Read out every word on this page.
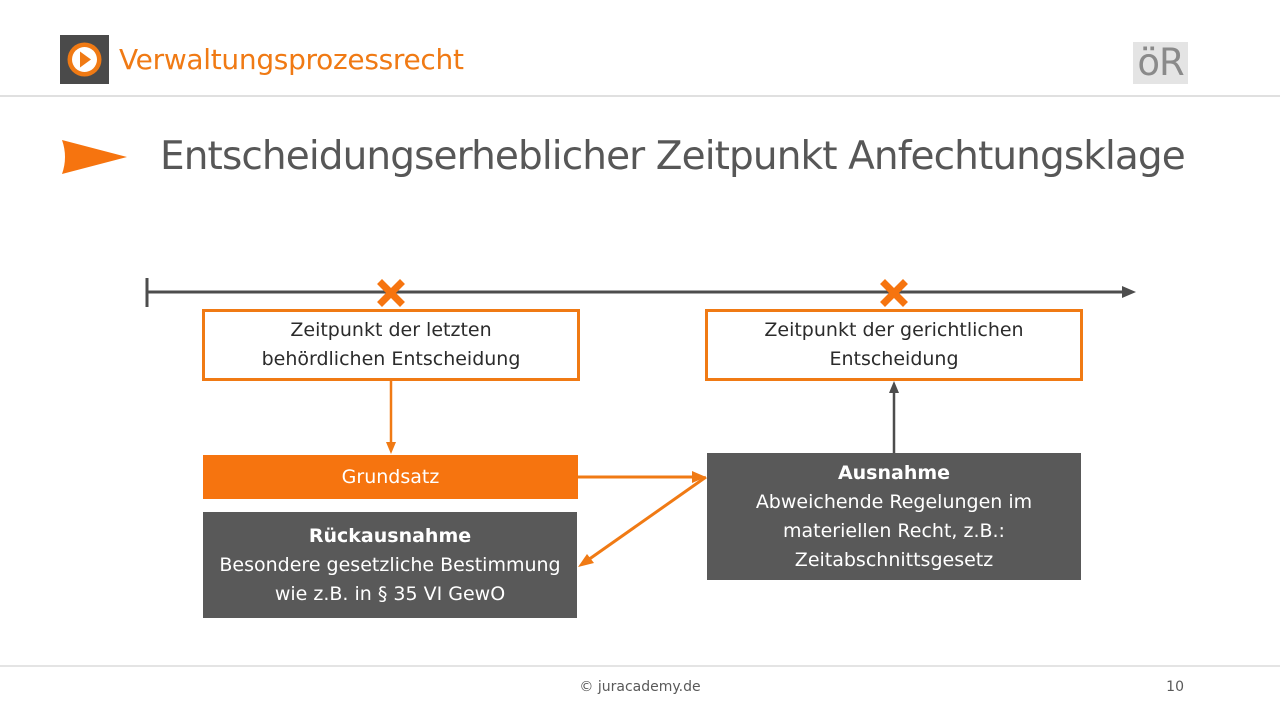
Verwaltungsprozessrecht	öR
Entscheidungserheblicher Zeitpunkt Anfechtungsklage
Zeitpunkt der letzten
behördlichen Entscheidung
Zeitpunkt der gerichtlichen
Entscheidung
Grundsatz	Ausnahme
Abweichende Regelungen im
materiellen Recht, z.B.:
Zeitabschnittsgesetz
Rückausnahme
Besondere gesetzliche Bestimmung
wie z.B. in § 35 VI GewO
© juracademy.de	10
